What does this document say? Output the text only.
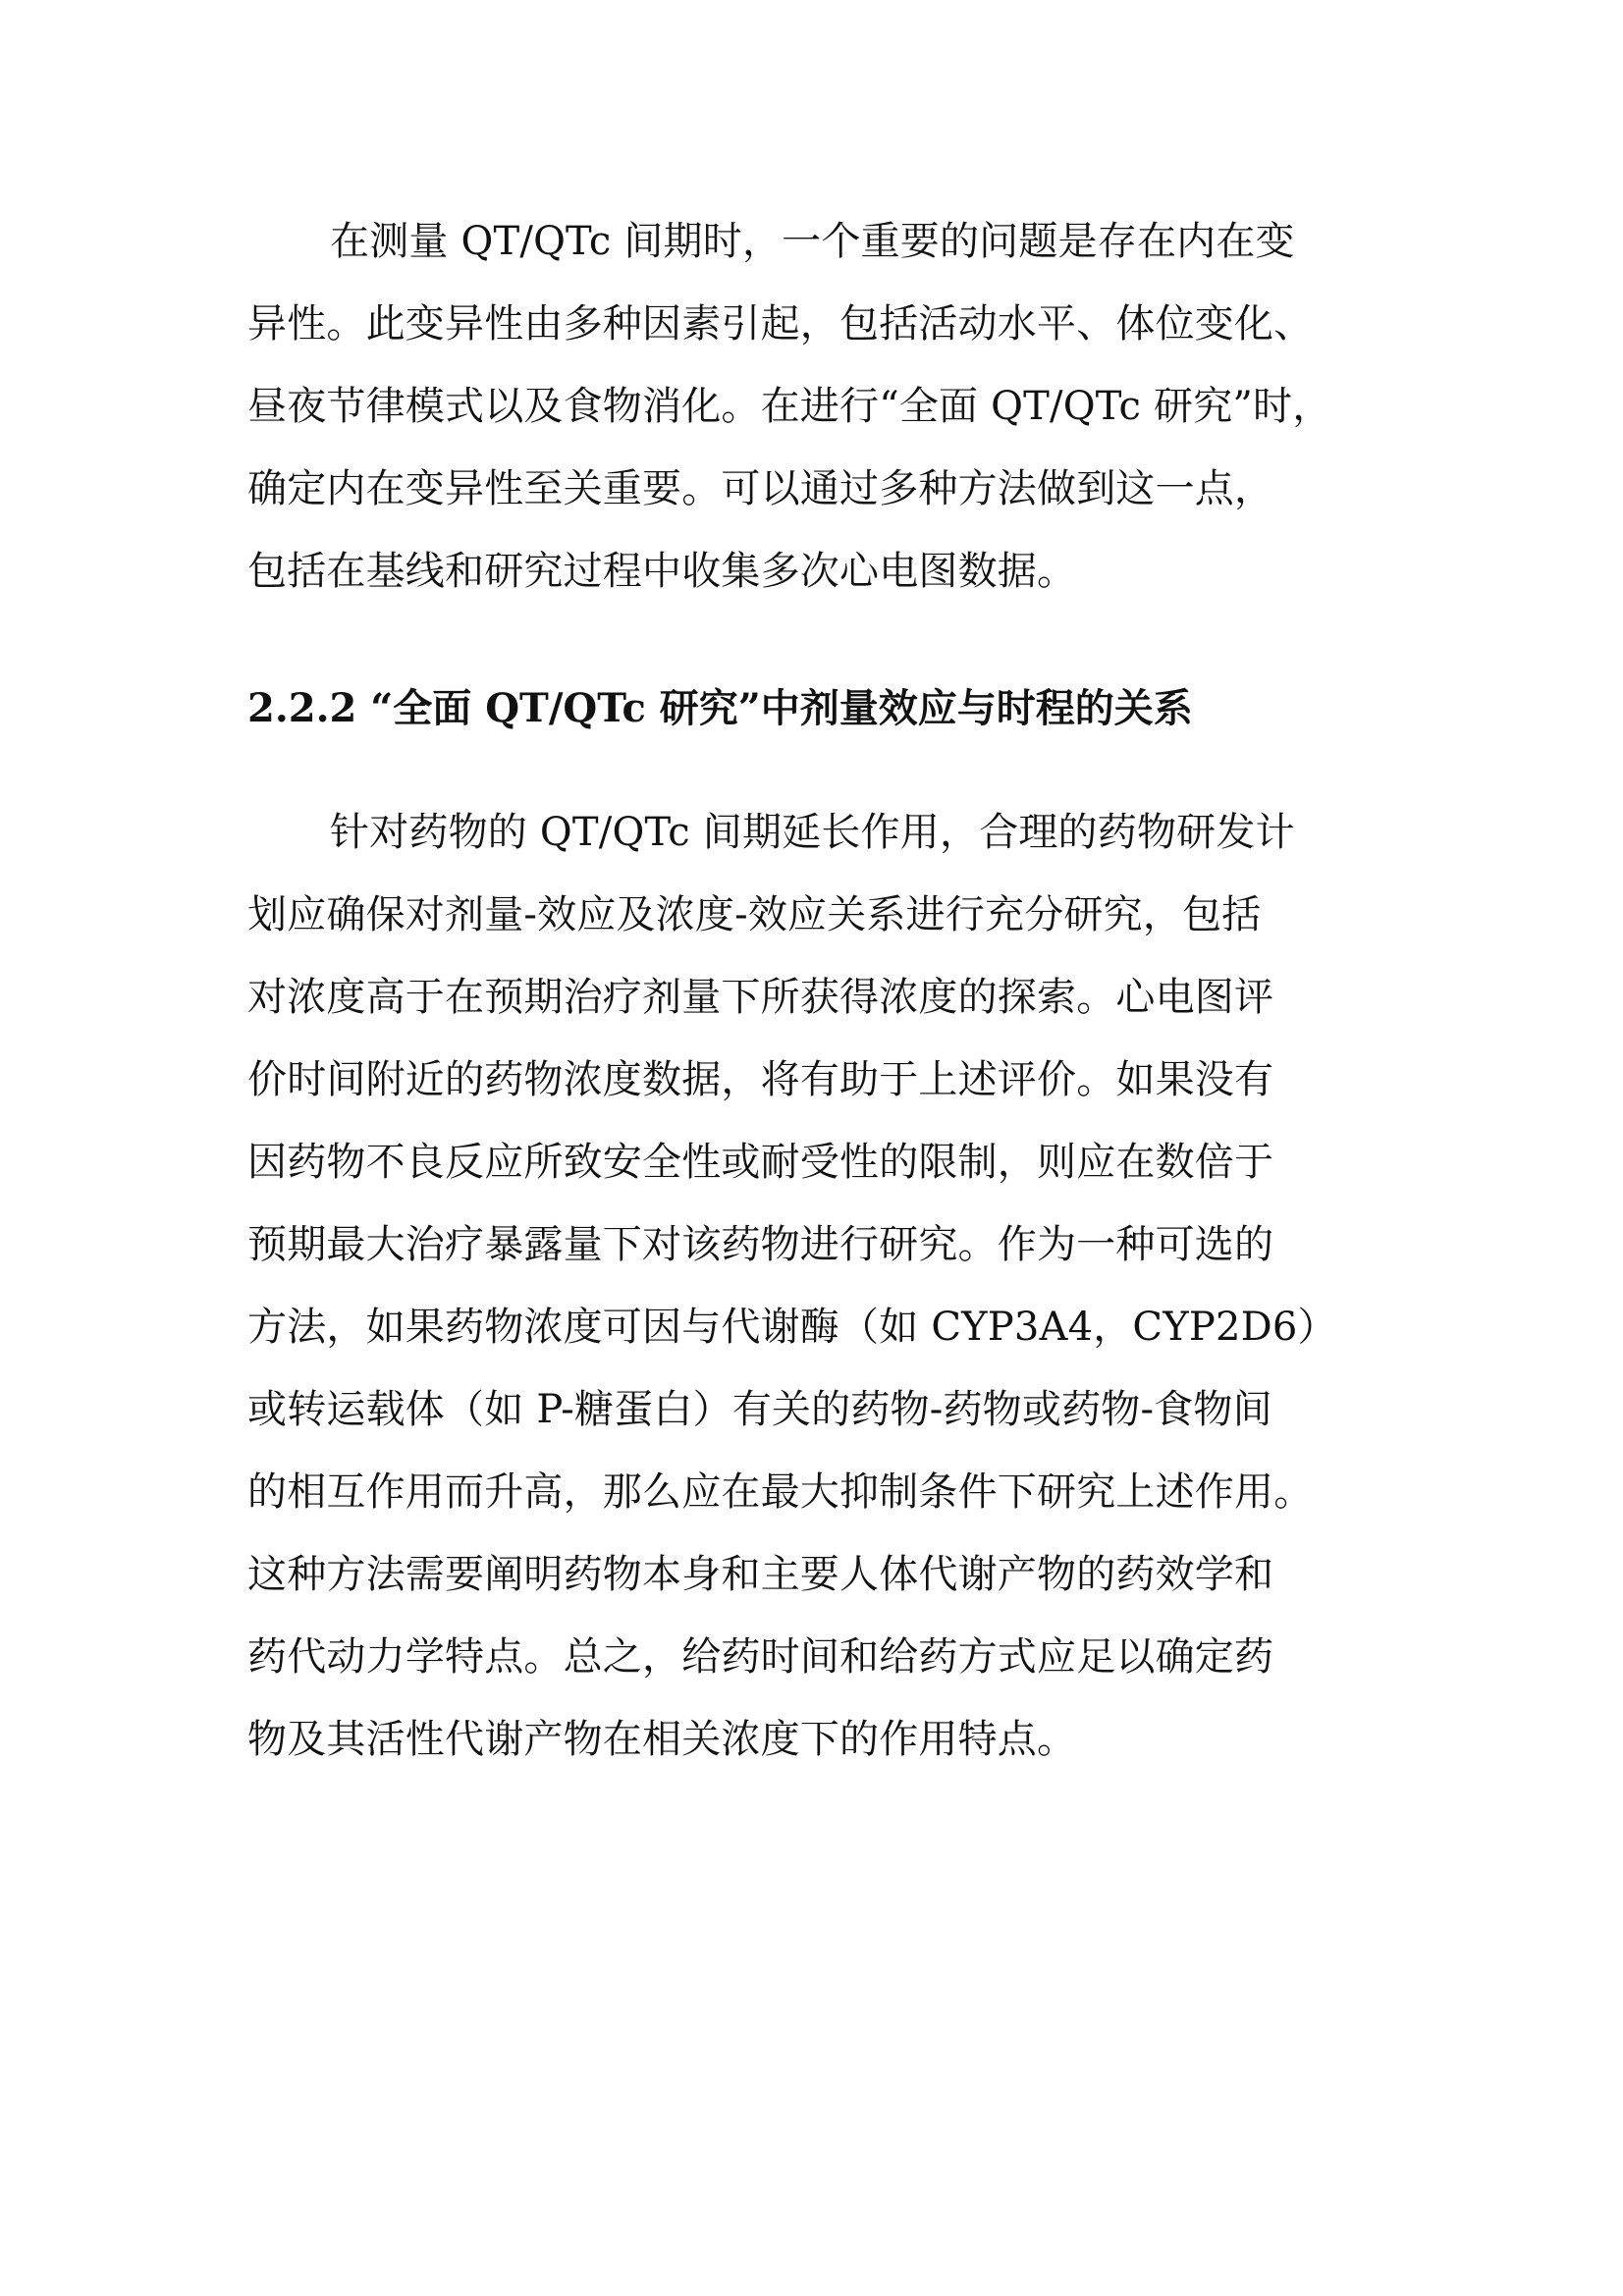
在测量 QT/QTc 间期时，一个重要的问题是存在内在变
异性。此变异性由多种因素引起，包括活动水平、体位变化、
昼夜节律模式以及食物消化。在进行“全面 QT/QTc 研究”时，
确定内在变异性至关重要。可以通过多种方法做到这一点，
包括在基线和研究过程中收集多次心电图数据。
2.2.2 “全面 QT/QTc 研究”中剂量效应与时程的关系
针对药物的 QT/QTc 间期延长作用，合理的药物研发计
划应确保对剂量-效应及浓度-效应关系进行充分研究，包括
对浓度高于在预期治疗剂量下所获得浓度的探索。心电图评
价时间附近的药物浓度数据，将有助于上述评价。如果没有
因药物不良反应所致安全性或耐受性的限制，则应在数倍于
预期最大治疗暴露量下对该药物进行研究。作为一种可选的
方法，如果药物浓度可因与代谢酶（如 CYP3A4，CYP2D6）
或转运载体（如 P-糖蛋白）有关的药物-药物或药物-食物间
的相互作用而升高，那么应在最大抑制条件下研究上述作用。
这种方法需要阐明药物本身和主要人体代谢产物的药效学和
药代动力学特点。总之，给药时间和给药方式应足以确定药
物及其活性代谢产物在相关浓度下的作用特点。
